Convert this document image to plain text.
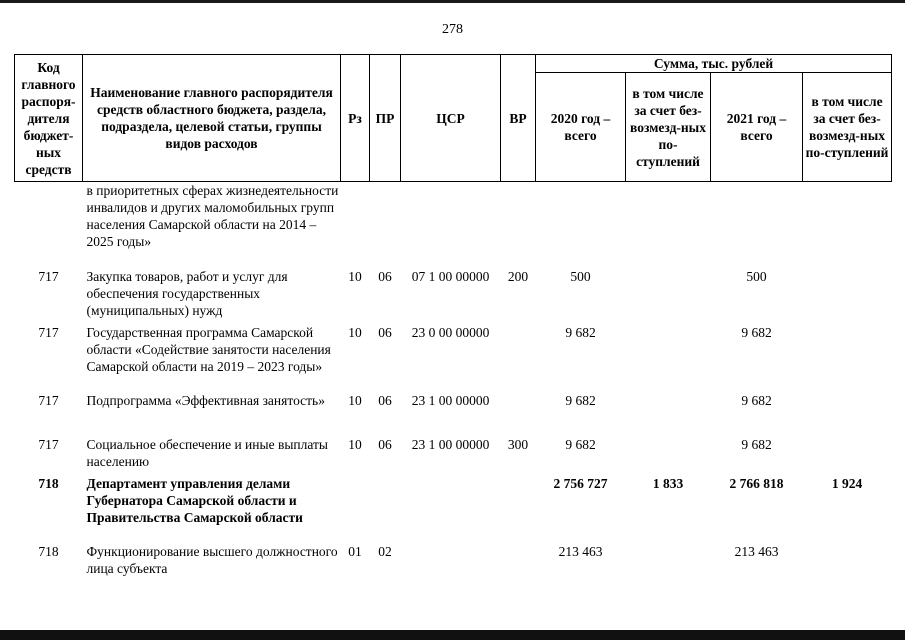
278
Код главного распоря-дителя бюджет-ных средств	Наименование главного распорядителя средств областного бюджета, раздела, подраздела, целевой статьи, группы видов расходов	Рз	ПР	ЦСР	ВР	Сумма, тыс. рублей			
						2020 год – всего	в том числе за счет без-возмезд-ных по-ступлений	2021 год – всего	в том числе за счет без-возмезд-ных по-ступлений
	в приоритетных сферах жизнедеятельности инвалидов и других маломобильных групп населения Самарской области на 2014 – 2025 годы»								
717	Закупка товаров, работ и услуг для обеспечения государственных (муниципальных) нужд	10	06	07 1 00 00000	200	500		500	
717	Государственная программа Самарской области «Содействие занятости населения Самарской области на 2019 – 2023 годы»	10	06	23 0 00 00000		9 682		9 682	
717	Подпрограмма «Эффективная занятость»	10	06	23 1 00 00000		9 682		9 682	
717	Социальное обеспечение и иные выплаты населению	10	06	23 1 00 00000	300	9 682		9 682	
718	Департамент управления делами Губернатора Самарской области и Правительства Самарской области					2 756 727	1 833	2 766 818	1 924
718	Функционирование высшего должностного лица субъекта	01	02			213 463		213 463	
